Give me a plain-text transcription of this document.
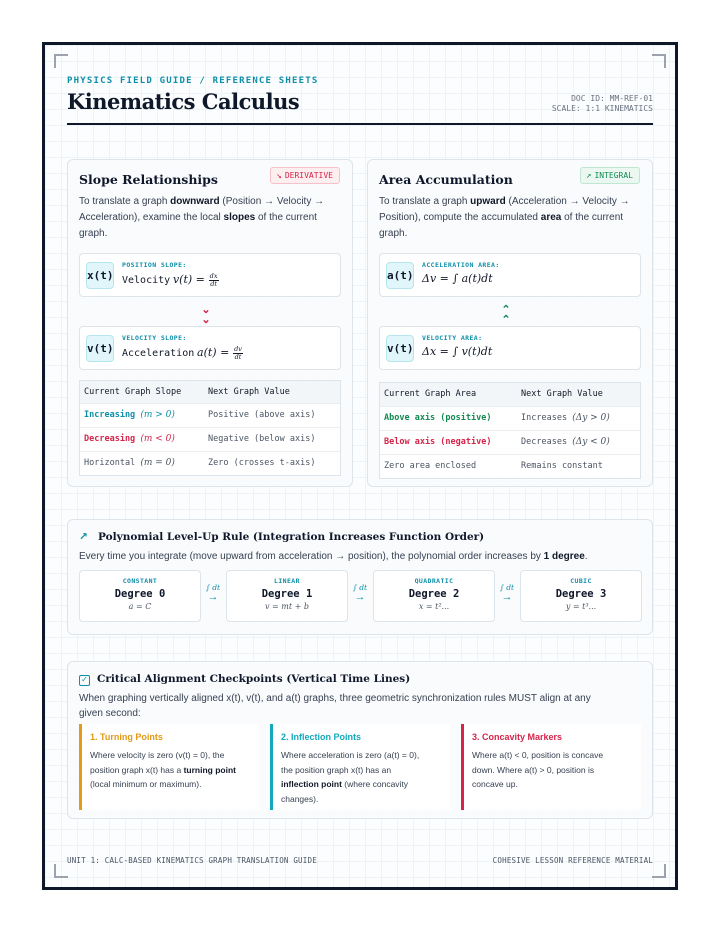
PHYSICS FIELD GUIDE / REFERENCE SHEETS
Kinematics Calculus	DOC ID: MM-REF-01
SCALE: 1:1 KINEMATICS
Slope Relationships	↘ DERIVATIVE
To translate a graph downward (Position → Velocity → Acceleration), examine the local slopes of the current graph.
x(t)
POSITION SLOPE:
Velocity $v(t) = \frac{dx}{dt}$
⌄
⌄
v(t)
VELOCITY SLOPE:
Acceleration $a(t) = \frac{dv}{dt}$
Current Graph Slope	Next Graph Value
Increasing (m > 0)	Positive (above axis)
Decreasing (m < 0)	Negative (below axis)
Horizontal (m = 0)	Zero (crosses t-axis)
Area Accumulation	↗ INTEGRAL
To translate a graph upward (Acceleration → Velocity → Position), compute the accumulated area of the current graph.
a(t)
ACCELERATION AREA:
Δv = ∫ a(t)dt
⌃
⌃
v(t)
VELOCITY AREA:
Δx = ∫ v(t)dt
Current Graph Area	Next Graph Value
Above axis (positive)	Increases (Δy > 0)
Below axis (negative)	Decreases (Δy < 0)
Zero area enclosed	Remains constant
↗ Polynomial Level-Up Rule (Integration Increases Function Order)
Every time you integrate (move upward from acceleration → position), the polynomial order increases by 1 degree.
CONSTANT
Degree 0
a = C
∫ dt
→
LINEAR
Degree 1
v = mt + b
∫ dt
→
QUADRATIC
Degree 2
x = t²...
∫ dt
→
CUBIC
Degree 3
y = t³...
✓ Critical Alignment Checkpoints (Vertical Time Lines)
When graphing vertically aligned x(t), v(t), and a(t) graphs, three geometric synchronization rules MUST align at any
given second:
1. Turning Points
Where velocity is zero (v(t) = 0), the
position graph x(t) has a turning point
(local minimum or maximum).
2. Inflection Points
Where acceleration is zero (a(t) = 0),
the position graph x(t) has an
inflection point (where concavity
changes).
3. Concavity Markers
Where a(t) < 0, position is concave
down. Where a(t) > 0, position is
concave up.
UNIT 1: CALC-BASED KINEMATICS GRAPH TRANSLATION GUIDE	COHESIVE LESSON REFERENCE MATERIAL
